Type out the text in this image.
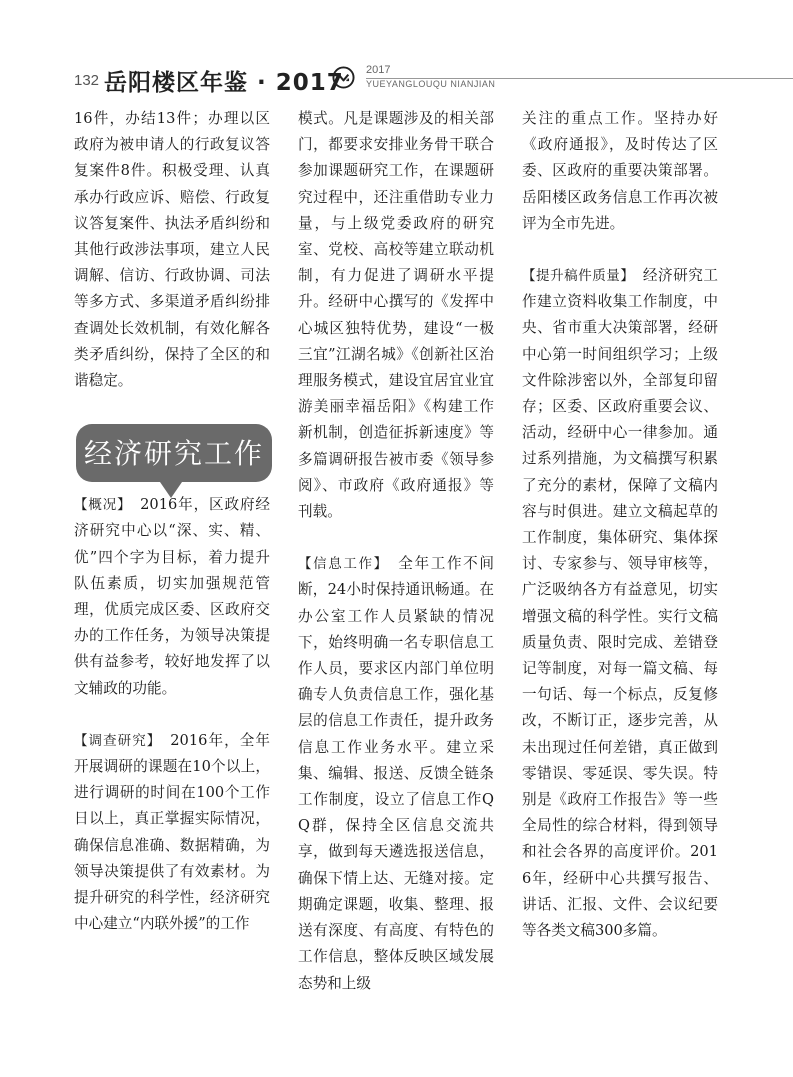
132 岳阳楼区年鉴 · 2017 2017
YUEYANGLOUQU NIANJIAN

16件，办结13件；办理以区政府为被申请人的行政复议答复案件8件。积极受理、认真承办行政应诉、赔偿、行政复议答复案件、执法矛盾纠纷和其他行政涉法事项，建立人民调解、信访、行政协调、司法等多方式、多渠道矛盾纠纷排查调处长效机制，有效化解各类矛盾纠纷，保持了全区的和谐稳定。

经济研究工作

【概况】　 2016年，区政府经济研究中心以“深、实、精、优”四个字为目标，着力提升队伍素质，切实加强规范管理，优质完成区委、区政府交办的工作任务，为领导决策提供有益参考，较好地发挥了以文辅政的功能。

【调查研究】　 2016年，全年开展调研的课题在10个以上，进行调研的时间在100个工作日以上，真正掌握实际情况，确保信息准确、数据精确，为领导决策提供了有效素材。为提升研究的科学性，经济研究中心建立“内联外援”的工作

模式。凡是课题涉及的相关部门，都要求安排业务骨干联合参加课题研究工作，在课题研究过程中，还注重借助专业力量，与上级党委政府的研究室、党校、高校等建立联动机制，有力促进了调研水平提升。经研中心撰写的《发挥中心城区独特优势，建设“一极三宜”江湖名城》《创新社区治理服务模式，建设宜居宜业宜游美丽幸福岳阳》《构建工作新机制，创造征拆新速度》等多篇调研报告被市委《领导参阅》、市政府《政府通报》等刊载。

【信息工作】　 全年工作不间断，24小时保持通讯畅通。在办公室工作人员紧缺的情况下，始终明确一名专职信息工作人员，要求区内部门单位明确专人负责信息工作，强化基层的信息工作责任，提升政务信息工作业务水平。建立采集、编辑、报送、反馈全链条工作制度，设立了信息工作QQ群，保持全区信息交流共享，做到每天遴选报送信息，确保下情上达、无缝对接。定期确定课题，收集、整理、报送有深度、有高度、有特色的工作信息，整体反映区域发展态势和上级

关注的重点工作。坚持办好《政府通报》，及时传达了区委、区政府的重要决策部署。岳阳楼区政务信息工作再次被评为全市先进。

【提升稿件质量】　 经济研究工作建立资料收集工作制度，中央、省市重大决策部署，经研中心第一时间组织学习；上级文件除涉密以外，全部复印留存；区委、区政府重要会议、活动，经研中心一律参加。通过系列措施，为文稿撰写积累了充分的素材，保障了文稿内容与时俱进。建立文稿起草的工作制度，集体研究、集体探讨、专家参与、领导审核等，广泛吸纳各方有益意见，切实增强文稿的科学性。实行文稿质量负责、限时完成、差错登记等制度，对每一篇文稿、每一句话、每一个标点，反复修改，不断订正，逐步完善，从未出现过任何差错，真正做到零错误、零延误、零失误。特别是《政府工作报告》等一些全局性的综合材料，得到领导和社会各界的高度评价。2016年，经研中心共撰写报告、讲话、汇报、文件、会议纪要等各类文稿300多篇。
